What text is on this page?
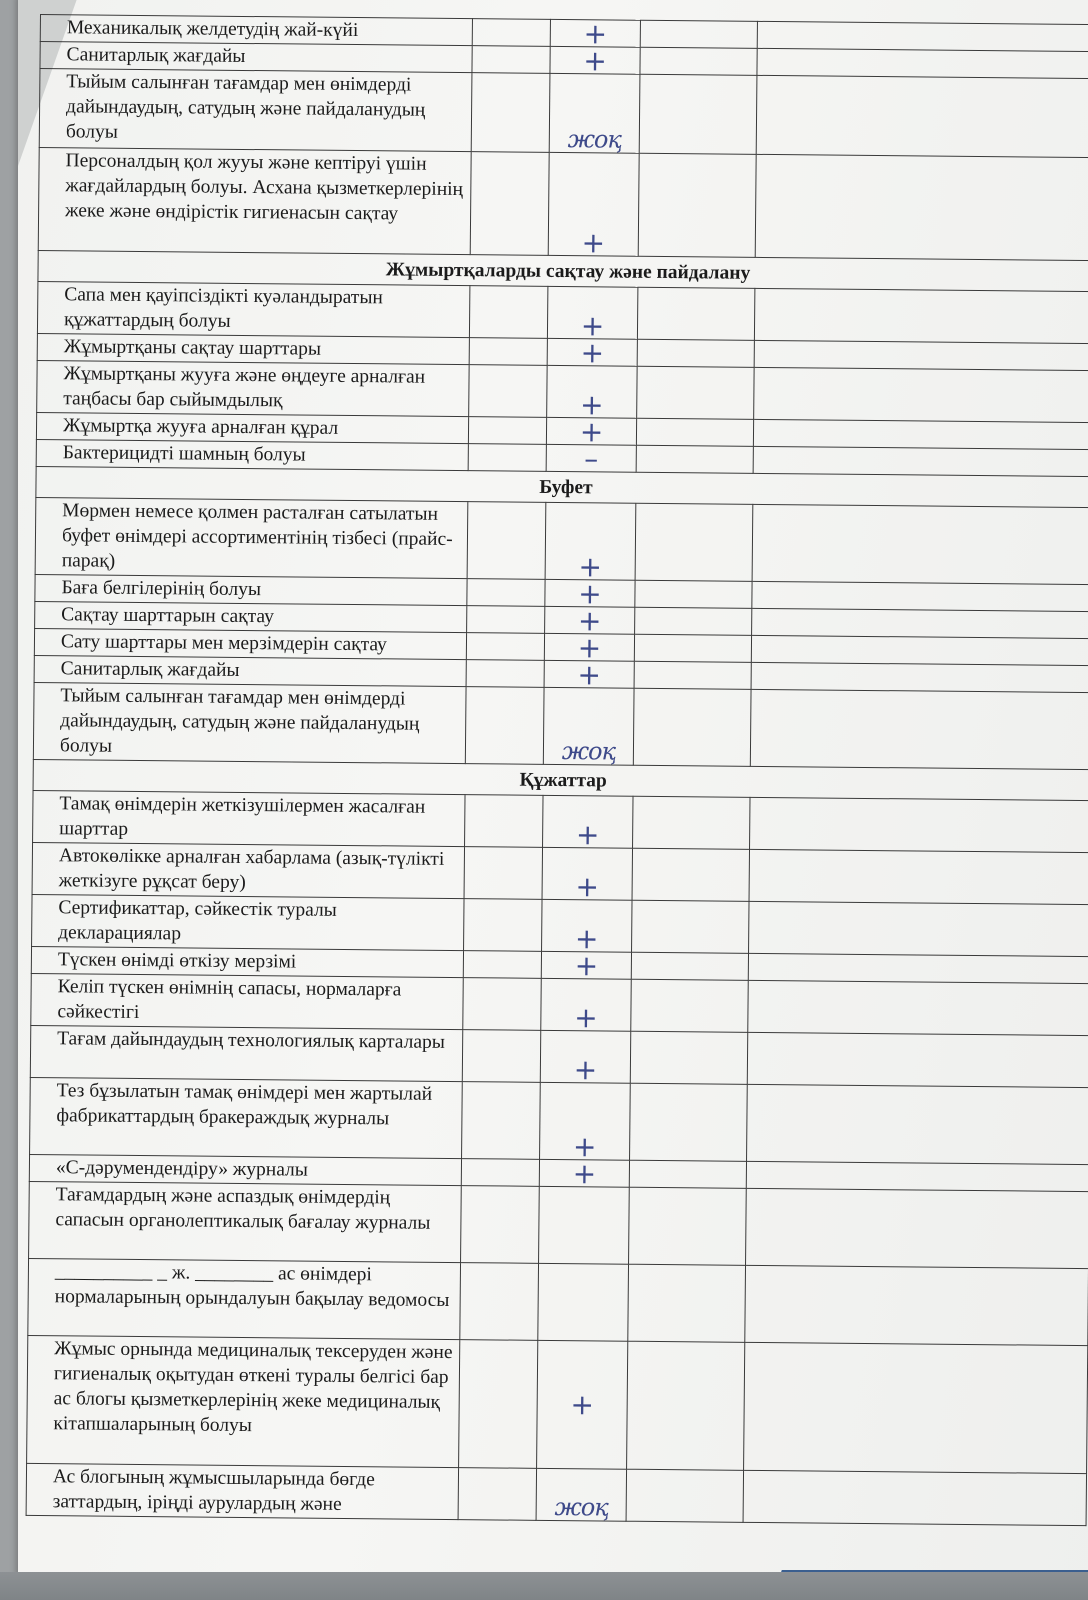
Механикалық желдетудің жай-күйі		+		
Санитарлық жағдайы		+		
Тыйым салынған тағамдар мен өнімдерді дайындаудың, сатудың және пайдаланудың болуы		жоқ		
Персоналдың қол жууы және кептіруі үшін жағдайлардың болуы. Асхана қызметкерлерінің жеке және өндірістік гигиенасын сақтау		+		
Жұмыртқаларды сақтау және пайдалану				
Сапа мен қауіпсіздікті куәландыратын құжаттардың болуы		+		
Жұмыртқаны сақтау шарттары		+		
Жұмыртқаны жууға және өңдеуге арналған таңбасы бар сыйымдылық		+		
Жұмыртқа жууға арналған құрал		+		
Бактерицидті шамның болуы		–		
Буфет				
Мөрмен немесе қолмен расталған сатылатын буфет өнімдері ассортиментінің тізбесі (прайс-парақ)		+		
Баға белгілерінің болуы		+		
Сақтау шарттарын сақтау		+		
Сату шарттары мен мерзімдерін сақтау		+		
Санитарлық жағдайы		+		
Тыйым салынған тағамдар мен өнімдерді дайындаудың, сатудың және пайдаланудың болуы		жоқ		
Құжаттар				
Тамақ өнімдерін жеткізушілермен жасалған шарттар		+		
Автокөлікке арналған хабарлама (азық-түлікті жеткізуге рұқсат беру)		+		
Сертификаттар, сәйкестік туралы декларациялар		+		
Түскен өнімді өткізу мерзімі		+		
Келіп түскен өнімнің сапасы, нормаларға сәйкестігі		+		
Тағам дайындаудың технологиялық карталары		+		
Тез бұзылатын тамақ өнімдері мен жартылай фабрикаттардың бракераждық журналы		+		
«С-дәрумендендіру» журналы		+		
Тағамдардың және аспаздық өнімдердің сапасын органолептикалық бағалау журналы				
__________ _ ж. ________ ас өнімдері нормаларының орындалуын бақылау ведомосы				
Жұмыс орнында медициналық тексеруден және гигиеналық оқытудан өткені туралы белгісі бар ас блогы қызметкерлерінің жеке медициналық кітапшаларының болуы		+		
Ас блогының жұмысшыларында бөгде заттардың, іріңді аурулардың және		жоқ		
